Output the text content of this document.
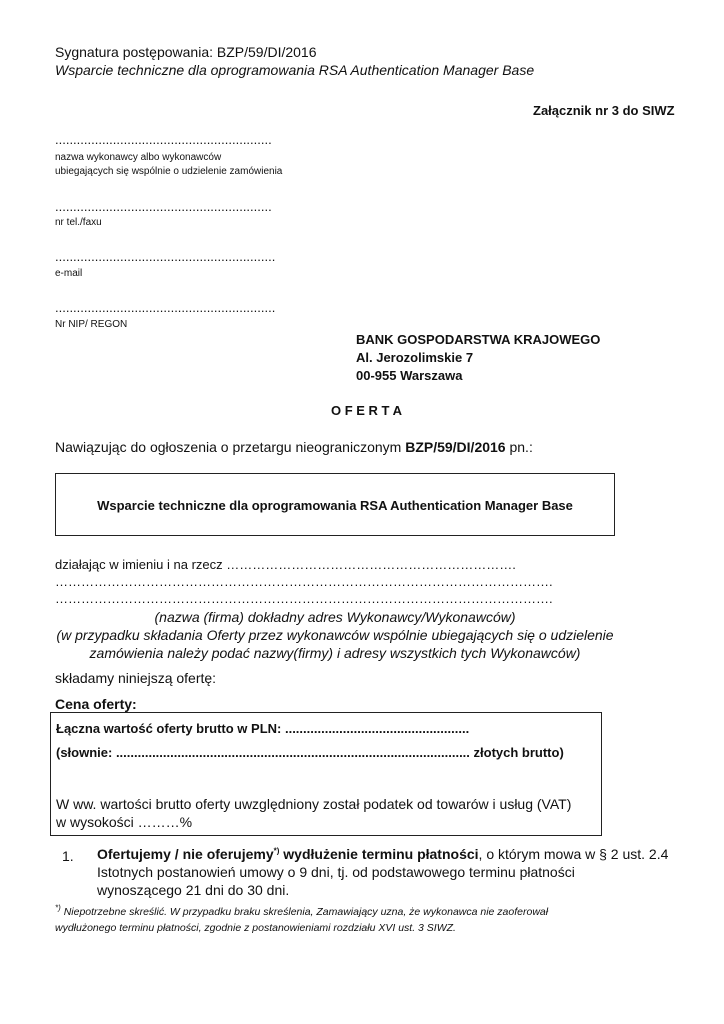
Sygnatura postępowania: BZP/59/DI/2016
Wsparcie techniczne dla oprogramowania RSA Authentication Manager Base
Załącznik nr 3 do SIWZ
............................................................
nazwa wykonawcy albo wykonawców
ubiegających się wspólnie o udzielenie zamówienia
............................................................
nr tel./faxu
.............................................................
e-mail
.............................................................
Nr NIP/ REGON
BANK GOSPODARSTWA KRAJOWEGO
Al. Jerozolimskie 7
00-955 Warszawa
O F E R T A
Nawiązując do ogłoszenia o przetargu nieograniczonym BZP/59/DI/2016 pn.:
Wsparcie techniczne dla oprogramowania RSA Authentication Manager Base
działając w imieniu i na rzecz ………………………………………………………….
…………………………………………………………………………………………………….
…………………………………………………………………………………………………….
(nazwa (firma) dokładny adres Wykonawcy/Wykonawców)
(w przypadku składania Oferty przez wykonawców wspólnie ubiegających się o udzielenie
zamówienia należy podać nazwy(firmy) i adresy wszystkich tych Wykonawców)
składamy niniejszą ofertę:
Cena oferty:
Łączna wartość oferty brutto w PLN: ...................................................
(słownie: .................................................................................................. złotych brutto)
W ww. wartości brutto oferty uwzględniony został podatek od towarów i usług (VAT)
w wysokości ………%
1. Ofertujemy / nie oferujemy*) wydłużenie terminu płatności, o którym mowa w § 2 ust. 2.4
Istotnych postanowień umowy o 9 dni, tj. od podstawowego terminu płatności
wynoszącego 21 dni do 30 dni.
*) Niepotrzebne skreślić. W przypadku braku skreślenia, Zamawiający uzna, że wykonawca nie zaoferował
wydłużonego terminu płatności, zgodnie z postanowieniami rozdziału XVI ust. 3 SIWZ.
